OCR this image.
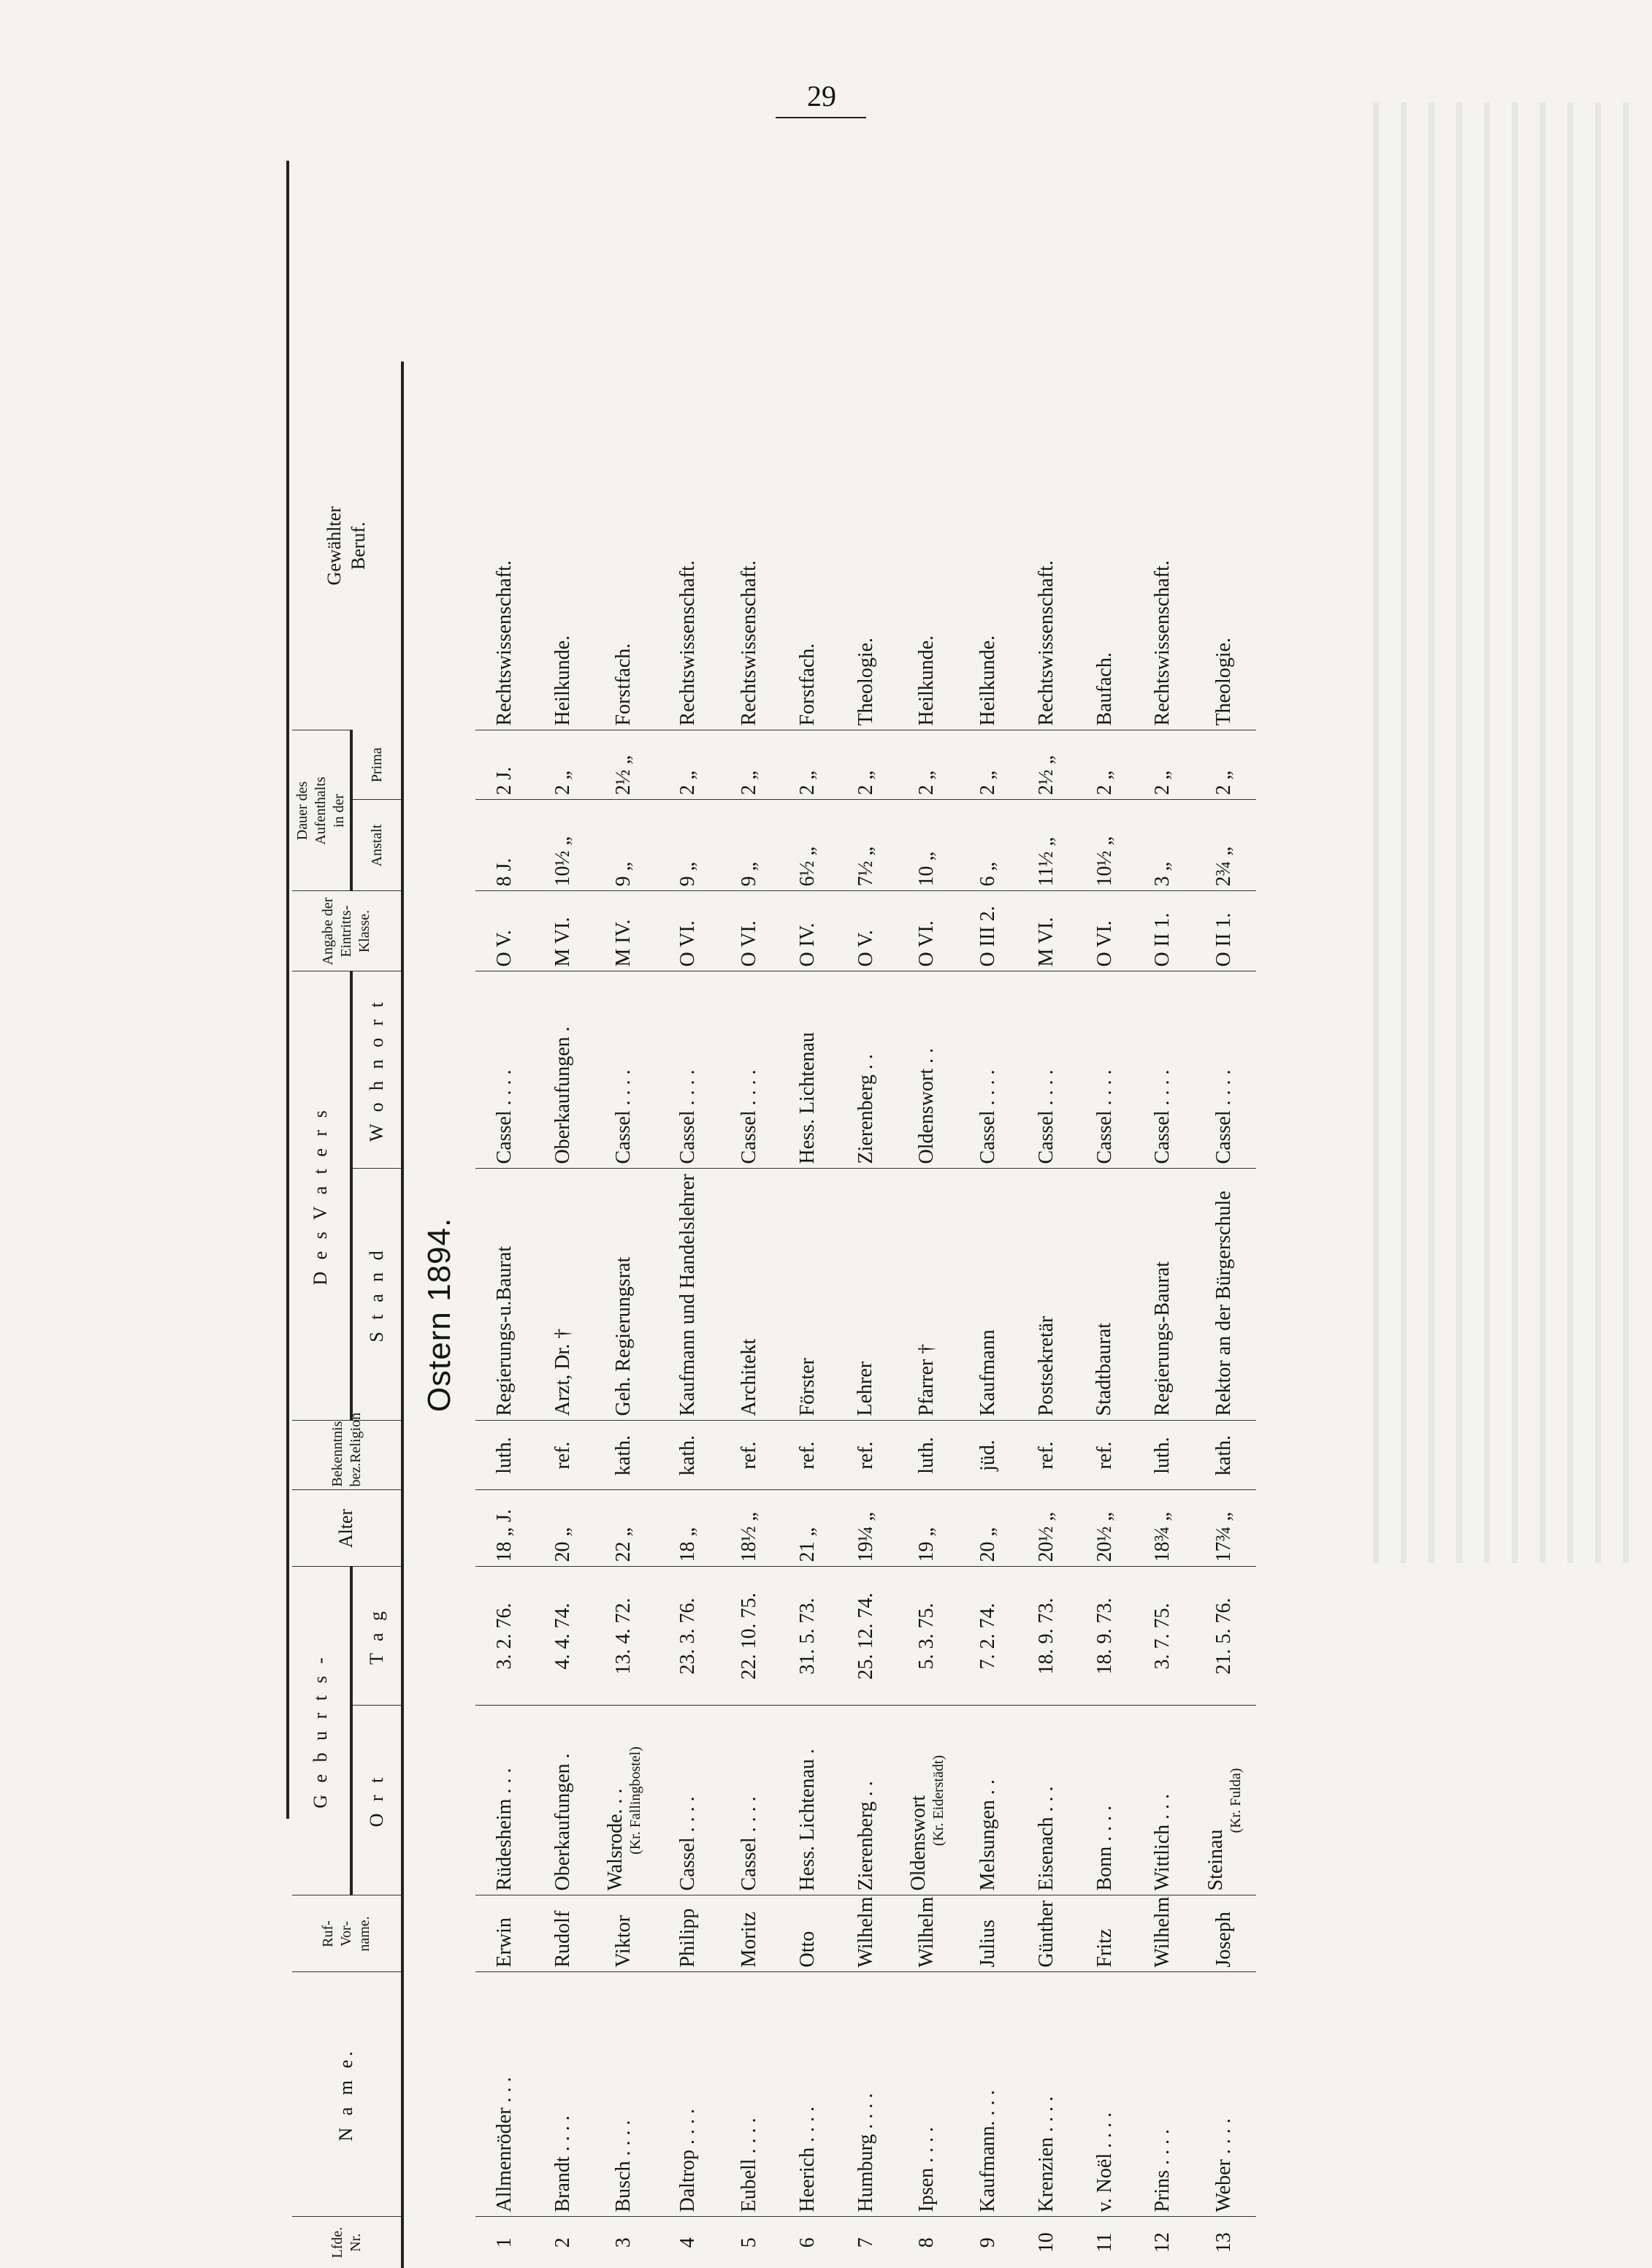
29
Ostern 1894.												
Lfde. Nr.	N a m e.	Ruf-
Vor-
name.	G e b u r t s -		Alter	Bekenntnis
bez.Religion	D e s V a t e r s		Angabe der
Eintritts-
Klasse.	Dauer des
Aufenthalts
in der		Gewählter
Beruf.
			O r t	T a g			S t a n d	W o h n o r t		Anstalt	Prima	
1	Allmenröder . . .	Erwin	Rüdesheim . . .	3. 2. 76.	18 „ J.	luth.	Regierungs-u.Baurat	Cassel . . . .	O V.	8 J.	2 J.	Rechtswissenschaft.
2	Brandt . . . .	Rudolf	Oberkaufungen .	4. 4. 74.	20 „	ref.	Arzt, Dr. †	Oberkaufungen .	M VI.	10½ „	2 „	Heilkunde.
3	Busch . . . .	Viktor	Walsrode. . . (Kr. Fallingbostel)	13. 4. 72.	22 „	kath.	Geh. Regierungsrat	Cassel . . . .	M IV.	9 „	2½ „	Forstfach.
4	Daltrop . . . .	Philipp	Cassel . . . .	23. 3. 76.	18 „	kath.	Kaufmann und Handelslehrer	Cassel . . . .	O VI.	9 „	2 „	Rechtswissenschaft.
5	Eubell . . . .	Moritz	Cassel . . . .	22. 10. 75.	18½ „	ref.	Architekt	Cassel . . . .	O VI.	9 „	2 „	Rechtswissenschaft.
6	Heerich . . . .	Otto	Hess. Lichtenau .	31. 5. 73.	21 „	ref.	Förster	Hess. Lichtenau	O IV.	6½ „	2 „	Forstfach.
7	Humburg . . . .	Wilhelm	Zierenberg . .	25. 12. 74.	19¼ „	ref.	Lehrer	Zierenberg . .	O V.	7½ „	2 „	Theologie.
8	Ipsen . . . .	Wilhelm	Oldenswort (Kr. Eiderstädt)	5. 3. 75.	19 „	luth.	Pfarrer †	Oldenswort . .	O VI.	10 „	2 „	Heilkunde.
9	Kaufmann. . . .	Julius	Melsungen . .	7. 2. 74.	20 „	jüd.	Kaufmann	Cassel . . . .	O III 2.	6 „	2 „	Heilkunde.
10	Krenzien . . . .	Günther	Eisenach . . .	18. 9. 73.	20½ „	ref.	Postsekretär	Cassel . . . .	M VI.	11½ „	2½ „	Rechtswissenschaft.
11	v. Noël . . . .	Fritz	Bonn . . . .	18. 9. 73.	20½ „	ref.	Stadtbaurat	Cassel . . . .	O VI.	10½ „	2 „	Baufach.
12	Prins . . . .	Wilhelm	Wittlich . . .	3. 7. 75.	18¾ „	luth.	Regierungs-Baurat	Cassel . . . .	O II 1.	3 „	2 „	Rechtswissenschaft.
13	Weber . . . .	Joseph	Steinau
(Kr. Fulda)	21. 5. 76.	17¾ „	kath.	Rektor an der Bürgerschule	Cassel . . . .	O II 1.	2¾ „	2 „	Theologie.
